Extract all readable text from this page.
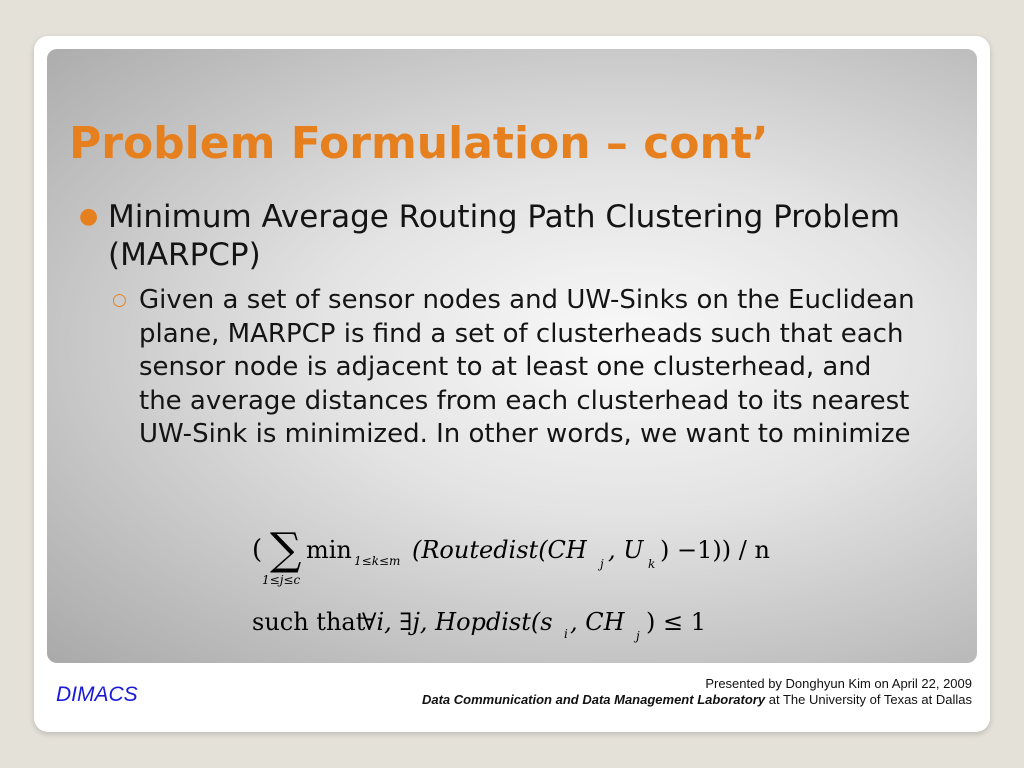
Problem Formulation – cont’
● Minimum Average Routing Path Clustering Problem (MARPCP)
○ Given a set of sensor nodes and UW-Sinks on the Euclidean plane, MARPCP is find a set of clusterheads such that each sensor node is adjacent to at least one clusterhead, and the average distances from each clusterhead to its nearest UW-Sink is minimized. In other words, we want to minimize
( ∑
1≤j≤c
min 1≤k≤m (Routedist(CH j , U k ) −1)) / n
such that
∀i, ∃j, Hopdist(s i , CH j ) ≤ 1
DIMACS	Presented by Donghyun Kim on April 22, 2009
Data Communication and Data Management Laboratory at The University of Texas at Dallas
